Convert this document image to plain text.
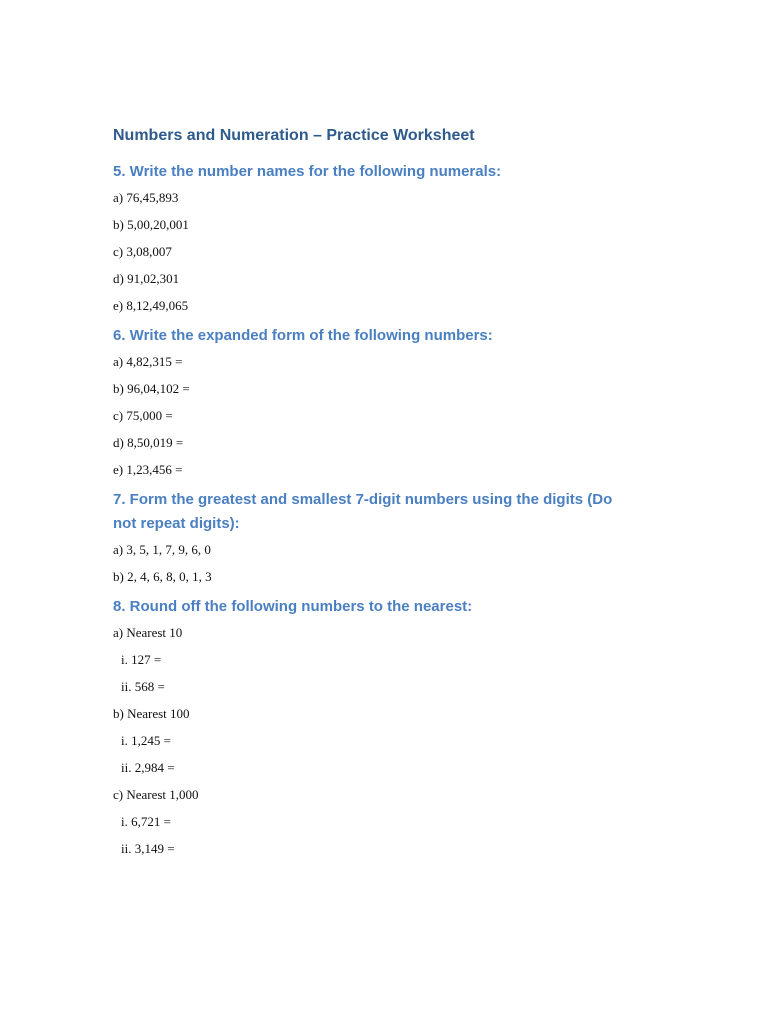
Numbers and Numeration – Practice Worksheet
5. Write the number names for the following numerals:
a) 76,45,893
b) 5,00,20,001
c) 3,08,007
d) 91,02,301
e) 8,12,49,065
6. Write the expanded form of the following numbers:
a) 4,82,315 =
b) 96,04,102 =
c) 75,000 =
d) 8,50,019 =
e) 1,23,456 =
7. Form the greatest and smallest 7-digit numbers using the digits (Do not repeat digits):
a) 3, 5, 1, 7, 9, 6, 0
b) 2, 4, 6, 8, 0, 1, 3
8. Round off the following numbers to the nearest:
a) Nearest 10
i. 127 =
ii. 568 =
b) Nearest 100
i. 1,245 =
ii. 2,984 =
c) Nearest 1,000
i. 6,721 =
ii. 3,149 =
